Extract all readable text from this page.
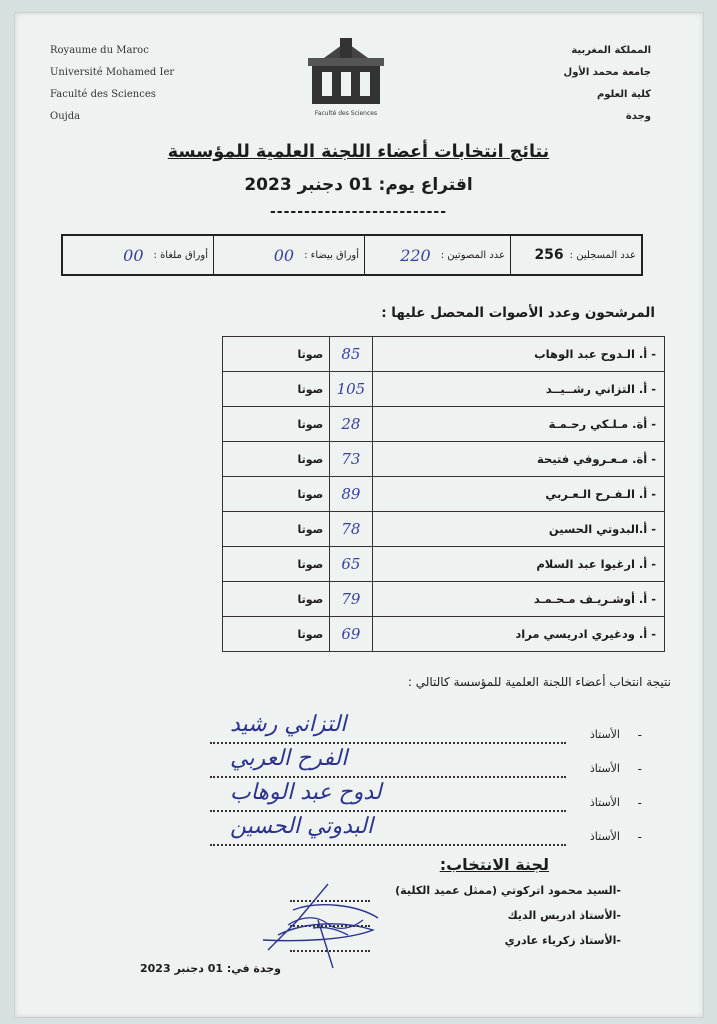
Royaume du Maroc
Université Mohamed Ier
Faculté des Sciences
Oujda	Faculté des Sciences
المملكة المغربية
جامعة محمد الأول
كلية العلوم
وجدة
نتائج انتخابات أعضاء اللجنة العلمية للمؤسسة
اقتراع يوم: 01 دجنبر 2023
--------------------------
عدد المسجلين :
256
عدد المصوتين :
220
أوراق بيضاء :
00
أوراق ملغاة :
00
المرشحون وعدد الأصوات المحصل عليها :
- أ. الـدوح عبد الوهاب	85	صوتا
- أ. التزاني رشــيــد	105	صوتا
- أة. مـلـكي رحـمـة	28	صوتا
- أة. مـعـروفي فتيحة	73	صوتا
- أ. الـفـرح الـعـربي	89	صوتا
- أ.البدوتي الحسين	78	صوتا
- أ. ارغيوا عبد السلام	65	صوتا
- أ. أوشـريـف مـحـمـد	79	صوتا
- أ. ودغيري ادريسي مراد	69	صوتا
نتيجة انتخاب أعضاء اللجنة العلمية للمؤسسة كالتالي :
-
الأستاذ
التزاني رشيد
-
الأستاذ
الفرح العربي
-
الأستاذ
لدوح عبد الوهاب
-
الأستاذ
البدوتي الحسين
لجنة الانتخاب:
-السيد محمود اتركوتي (ممثل عميد الكلية)
-الأستاذ ادريس الديك
-الأستاذ زكرياء عادري
وجدة في: 01 دجنبر 2023
